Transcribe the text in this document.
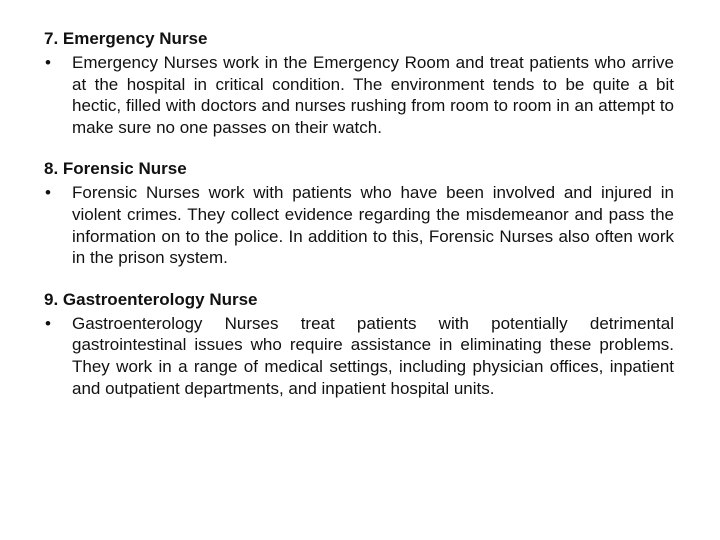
7. Emergency Nurse
•	Emergency Nurses work in the Emergency Room and treat patients who arrive at the hospital in critical condition. The environment tends to be quite a bit hectic, filled with doctors and nurses rushing from room to room in an attempt to make sure no one passes on their watch.
8. Forensic Nurse
•	Forensic Nurses work with patients who have been involved and injured in violent crimes. They collect evidence regarding the misdemeanor and pass the information on to the police. In addition to this, Forensic Nurses also often work in the prison system.
9. Gastroenterology Nurse
•	Gastroenterology Nurses treat patients with potentially detrimental gastrointestinal issues who require assistance in eliminating these problems. They work in a range of medical settings, including physician offices, inpatient and outpatient departments, and inpatient hospital units.
